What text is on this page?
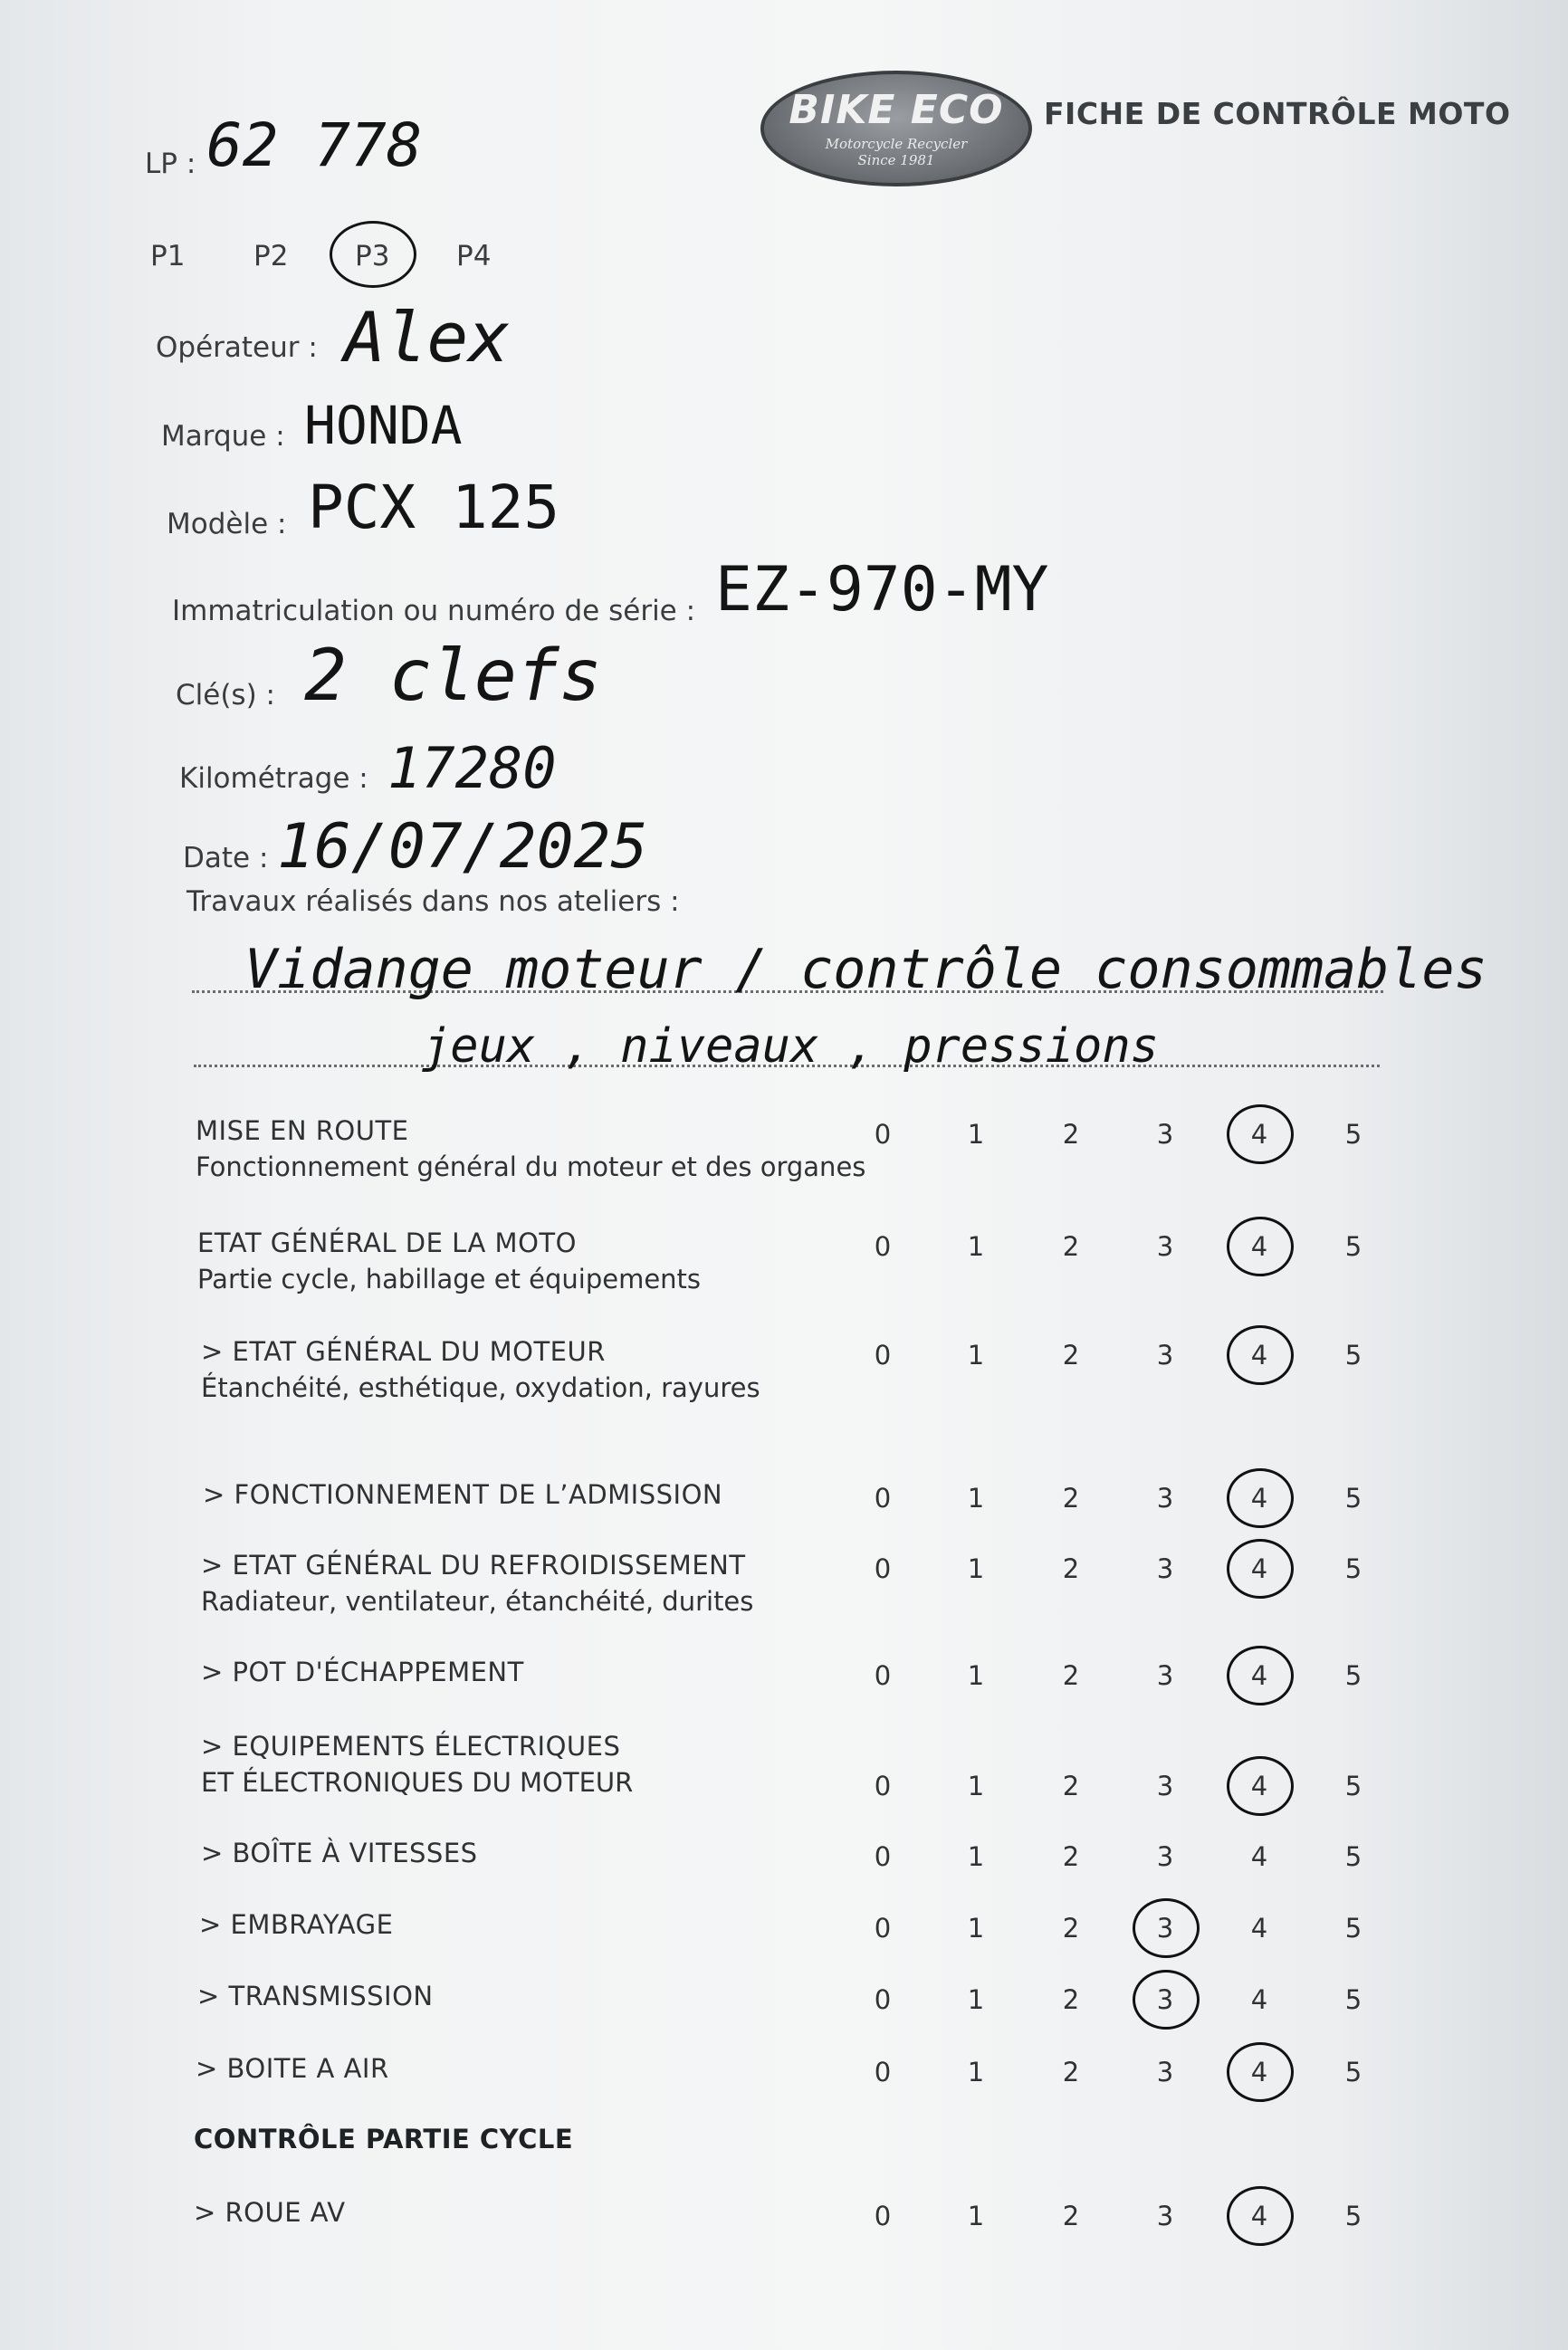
LP : 62 778
BIKE ECO
Motorcycle Recycler
Since 1981
FICHE DE CONTRÔLE MOTO
P1 P2 P3 P4
Opérateur : Alex
Marque : HONDA
Modèle : PCX 125
Immatriculation ou numéro de série : EZ-970-MY
Clé(s) : 2 clefs
Kilométrage : 17280
Date : 16/07/2025
Travaux réalisés dans nos ateliers :
Vidange moteur / contrôle consommables
jeux , niveaux , pressions
MISE EN ROUTE
Fonctionnement général du moteur et des organes
0	1	2	3	4	5
ETAT GÉNÉRAL DE LA MOTO
Partie cycle, habillage et équipements
0	1	2	3	4	5
> ETAT GÉNÉRAL DU MOTEUR
Étanchéité, esthétique, oxydation, rayures
0	1	2	3	4	5
> FONCTIONNEMENT DE L’ADMISSION	0	1	2	3	4	5
> ETAT GÉNÉRAL DU REFROIDISSEMENT
Radiateur, ventilateur, étanchéité, durites
0	1	2	3	4	5
> POT D'ÉCHAPPEMENT	0	1	2	3	4	5
> EQUIPEMENTS ÉLECTRIQUES
ET ÉLECTRONIQUES DU MOTEUR	0	1	2	3	4	5
> BOÎTE À VITESSES	0	1	2	3	4	5
> EMBRAYAGE	0	1	2	3	4	5
> TRANSMISSION	0	1	2	3	4	5
> BOITE A AIR	0	1	2	3	4	5
CONTRÔLE PARTIE CYCLE
> ROUE AV	0	1	2	3	4	5
